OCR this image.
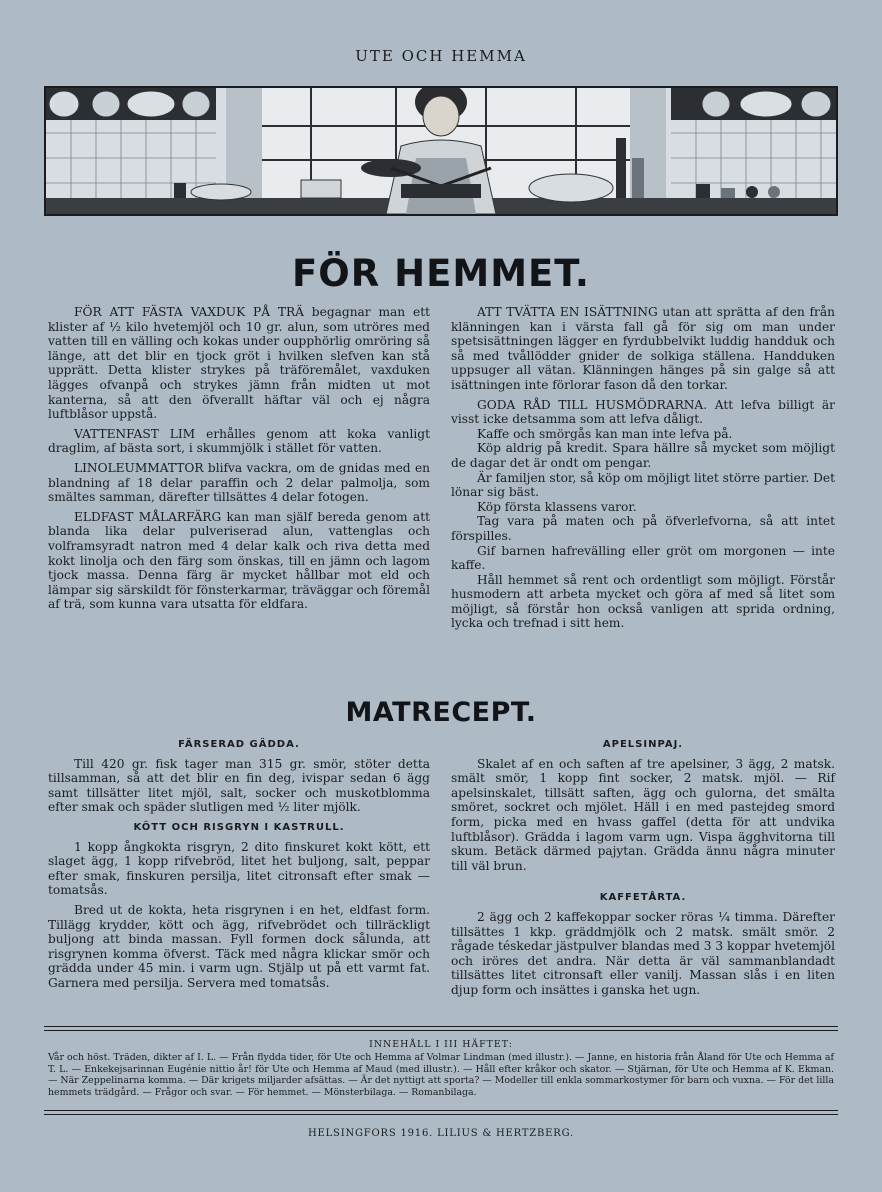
UTE OCH HEMMA
FÖR HEMMET.

FÖR ATT FÄSTA VAXDUK PÅ TRÄ begagnar man ett klister af ½ kilo hvetemjöl och 10 gr. alun, som utröres med vatten till en välling och kokas under oupphörlig omröring så länge, att det blir en tjock gröt i hvilken slefven kan stå upprätt. Detta klister strykes på träföremålet, vaxduken lägges ofvanpå och strykes jämn från midten ut mot kanterna, så att den öfverallt häftar väl och ej några luftblåsor uppstå.

VATTENFAST LIM erhålles genom att koka vanligt draglim, af bästa sort, i skummjölk i stället för vatten.

LINOLEUMMATTOR blifva vackra, om de gnidas med en blandning af 18 delar paraffin och 2 delar palmolja, som smältes samman, därefter tillsättes 4 delar fotogen.

ELDFAST MÅLARFÄRG kan man själf bereda genom att blanda lika delar pulveriserad alun, vattenglas och volframsyradt natron med 4 delar kalk och riva detta med kokt linolja och den färg som önskas, till en jämn och lagom tjock massa. Denna färg är mycket hållbar mot eld och lämpar sig särskildt för fönsterkarmar, träväggar och föremål af trä, som kunna vara utsatta för eldfara.

ATT TVÄTTA EN ISÄTTNING utan att sprätta af den från klänningen kan i värsta fall gå för sig om man under spetsisättningen lägger en fyrdubbelvikt luddig handduk och så med tvållödder gnider de solkiga ställena. Handduken uppsuger all vätan. Klänningen hänges på sin galge så att isättningen inte förlorar fason då den torkar.

GODA RÅD TILL HUSMÖDRARNA. Att lefva billigt är visst icke detsamma som att lefva dåligt.

Kaffe och smörgås kan man inte lefva på.

Köp aldrig på kredit. Spara hällre så mycket som möjligt de dagar det är ondt om pengar.

Är familjen stor, så köp om möjligt litet större partier. Det lönar sig bäst.

Köp första klassens varor.

Tag vara på maten och på öfverlefvorna, så att intet förspilles.

Gif barnen hafrevälling eller gröt om morgonen — inte kaffe.

Håll hemmet så rent och ordentligt som möjligt. Förstår husmodern att arbeta mycket och göra af med så litet som möjligt, så förstår hon också vanligen att sprida ordning, lycka och trefnad i sitt hem.

MATRECEPT.
FÄRSERAD GÄDDA.

Till 420 gr. fisk tager man 315 gr. smör, stöter detta tillsamman, så att det blir en fin deg, ivispar sedan 6 ägg samt tillsätter litet mjöl, salt, socker och muskotblomma efter smak och späder slutligen med ½ liter mjölk.

KÖTT OCH RISGRYN I KASTRULL.

1 kopp ångkokta risgryn, 2 dito finskuret kokt kött, ett slaget ägg, 1 kopp rifvebröd, litet het buljong, salt, peppar efter smak, finskuren persilja, litet citronsaft efter smak — tomatsås.

Bred ut de kokta, heta risgrynen i en het, eldfast form. Tillägg krydder, kött och ägg, rifvebrödet och tillräckligt buljong att binda massan. Fyll formen dock sålunda, att risgrynen komma öfverst. Täck med några klickar smör och grädda under 45 min. i varm ugn. Stjälp ut på ett varmt fat. Garnera med persilja. Servera med tomatsås.

APELSINPAJ.

Skalet af en och saften af tre apelsiner, 3 ägg, 2 matsk. smält smör, 1 kopp fint socker, 2 matsk. mjöl. — Rif apelsinskalet, tillsätt saften, ägg och gulorna, det smälta smöret, sockret och mjölet. Häll i en med pastejdeg smord form, picka med en hvass gaffel (detta för att undvika luftblåsor). Grädda i lagom varm ugn. Vispa ägghvitorna till skum. Betäck därmed pajytan. Grädda ännu några minuter till väl brun.

KAFFETÅRTA.

2 ägg och 2 kaffekoppar socker röras ¼ timma. Därefter tillsättes 1 kkp. gräddmjölk och 2 matsk. smält smör. 2 rågade téskedar jästpulver blandas med 3 3 koppar hvetemjöl och iröres det andra. När detta är väl sammanblandadt tillsättes litet citronsaft eller vanilj. Massan slås i en liten djup form och insättes i ganska het ugn.

INNEHÅLL I III HÄFTET:
Vår och höst. Träden, dikter af I. L. — Från flydda tider, för Ute och Hemma af Volmar Lindman (med illustr.). — Janne, en historia från Åland för Ute och Hemma af T. L. — Enkekejsarinnan Eugénie nittio år! för Ute och Hemma af Maud (med illustr.). — Håll efter kråkor och skator. — Stjärnan, för Ute och Hemma af K. Ekman. — När Zeppelinarna komma. — Där krigets miljarder afsättas. — Är det nyttigt att sporta? — Modeller till enkla sommarkostymer för barn och vuxna. — För det lilla hemmets trädgård. — Frågor och svar. — För hemmet. — Mönsterbilaga. — Romanbilaga.
HELSINGFORS 1916. LILIUS & HERTZBERG.
